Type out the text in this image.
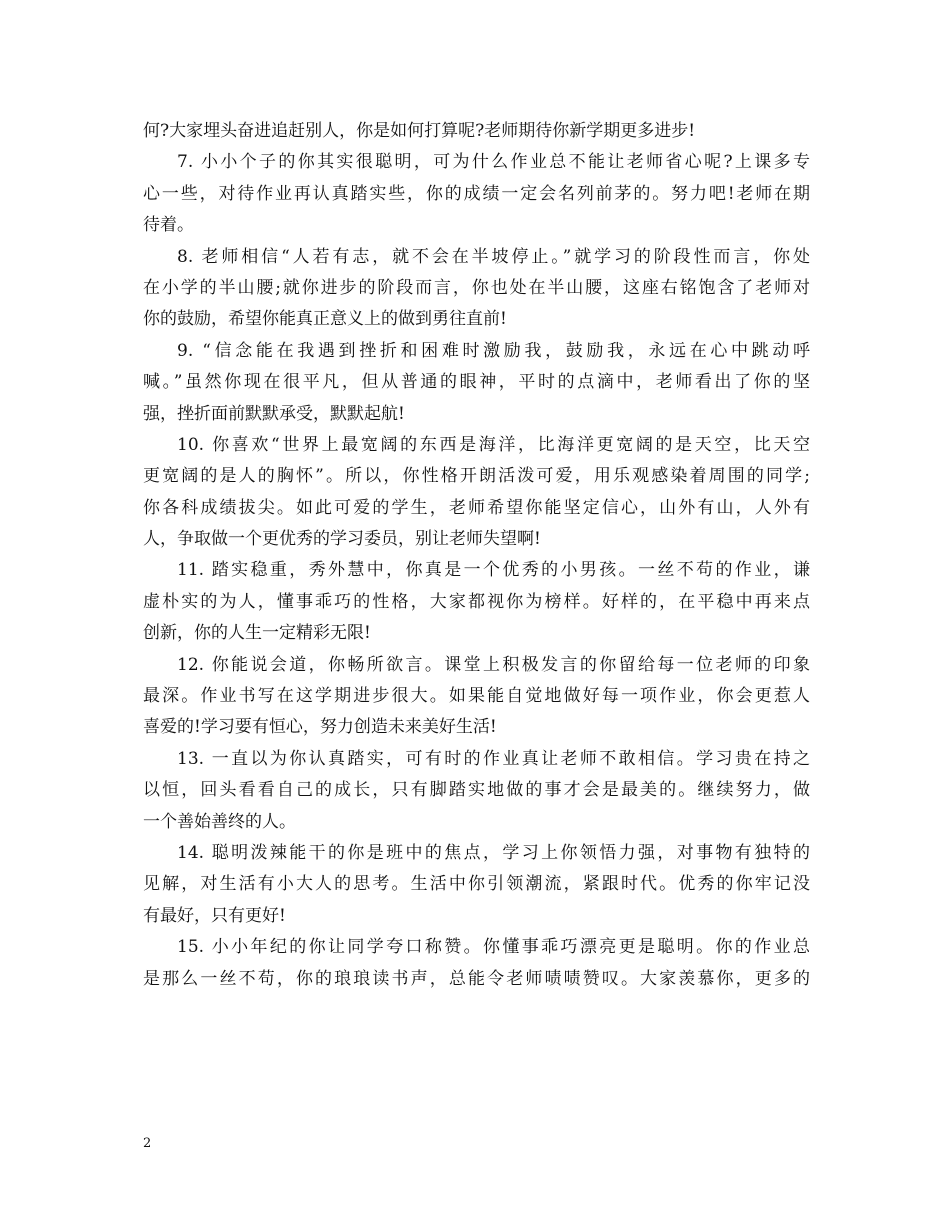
何?大家埋头奋进追赶别人，你是如何打算呢?老师期待你新学期更多进步!
7. 小小个子的你其实很聪明，可为什么作业总不能让老师省心呢?上课多专
心一些，对待作业再认真踏实些，你的成绩一定会名列前茅的。努力吧!老师在期
待着。
8. 老师相信“人若有志，就不会在半坡停止。”就学习的阶段性而言，你处
在小学的半山腰;就你进步的阶段而言，你也处在半山腰，这座右铭饱含了老师对
你的鼓励，希望你能真正意义上的做到勇往直前!
9. “信念能在我遇到挫折和困难时激励我，鼓励我，永远在心中跳动呼
喊。”虽然你现在很平凡，但从普通的眼神，平时的点滴中，老师看出了你的坚
强，挫折面前默默承受，默默起航!
10. 你喜欢“世界上最宽阔的东西是海洋，比海洋更宽阔的是天空，比天空
更宽阔的是人的胸怀”。所以，你性格开朗活泼可爱，用乐观感染着周围的同学;
你各科成绩拔尖。如此可爱的学生，老师希望你能坚定信心，山外有山，人外有
人，争取做一个更优秀的学习委员，别让老师失望啊!
11. 踏实稳重，秀外慧中，你真是一个优秀的小男孩。一丝不苟的作业，谦
虚朴实的为人，懂事乖巧的性格，大家都视你为榜样。好样的，在平稳中再来点
创新，你的人生一定精彩无限!
12. 你能说会道，你畅所欲言。课堂上积极发言的你留给每一位老师的印象
最深。作业书写在这学期进步很大。如果能自觉地做好每一项作业，你会更惹人
喜爱的!学习要有恒心，努力创造未来美好生活!
13. 一直以为你认真踏实，可有时的作业真让老师不敢相信。学习贵在持之
以恒，回头看看自己的成长，只有脚踏实地做的事才会是最美的。继续努力，做
一个善始善终的人。
14. 聪明泼辣能干的你是班中的焦点，学习上你领悟力强，对事物有独特的
见解，对生活有小大人的思考。生活中你引领潮流，紧跟时代。优秀的你牢记没
有最好，只有更好!
15. 小小年纪的你让同学夸口称赞。你懂事乖巧漂亮更是聪明。你的作业总
是那么一丝不苟，你的琅琅读书声，总能令老师啧啧赞叹。大家羡慕你，更多的
2
